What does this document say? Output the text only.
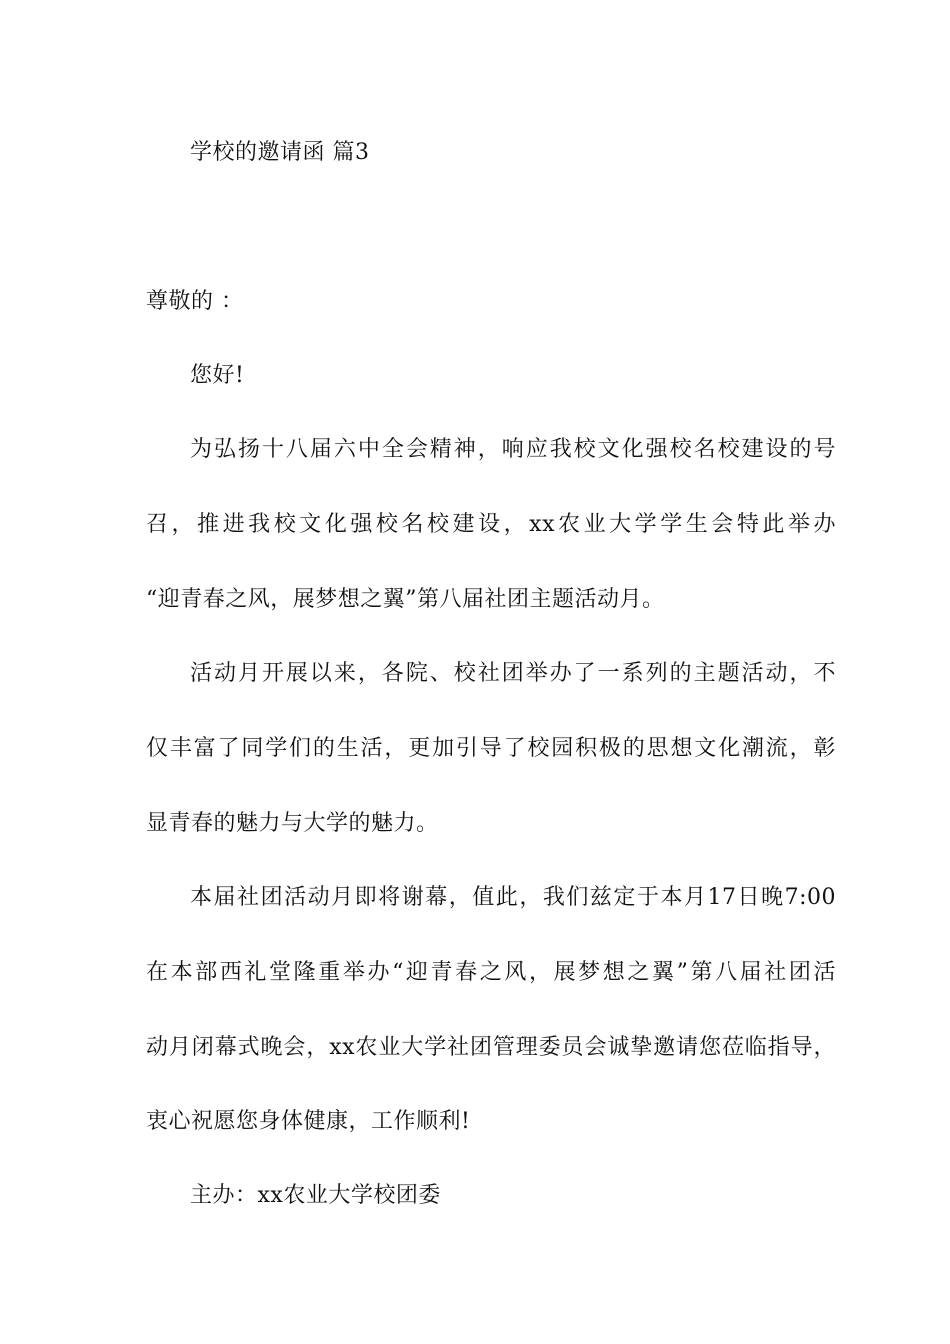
学校的邀请函 篇3
尊敬的 ：
您好!
为弘扬十八届六中全会精神，响应我校文化强校名校建设的号
召，推进我校文化强校名校建设，xx农业大学学生会特此举办
“迎青春之风，展梦想之翼”第八届社团主题活动月。
活动月开展以来，各院、校社团举办了一系列的主题活动，不
仅丰富了同学们的生活，更加引导了校园积极的思想文化潮流，彰
显青春的魅力与大学的魅力。
本届社团活动月即将谢幕，值此，我们兹定于本月17日晚7:00
在本部西礼堂隆重举办“迎青春之风，展梦想之翼”第八届社团活
动月闭幕式晚会，xx农业大学社团管理委员会诚挚邀请您莅临指导，
衷心祝愿您身体健康，工作顺利!
主办：xx农业大学校团委
